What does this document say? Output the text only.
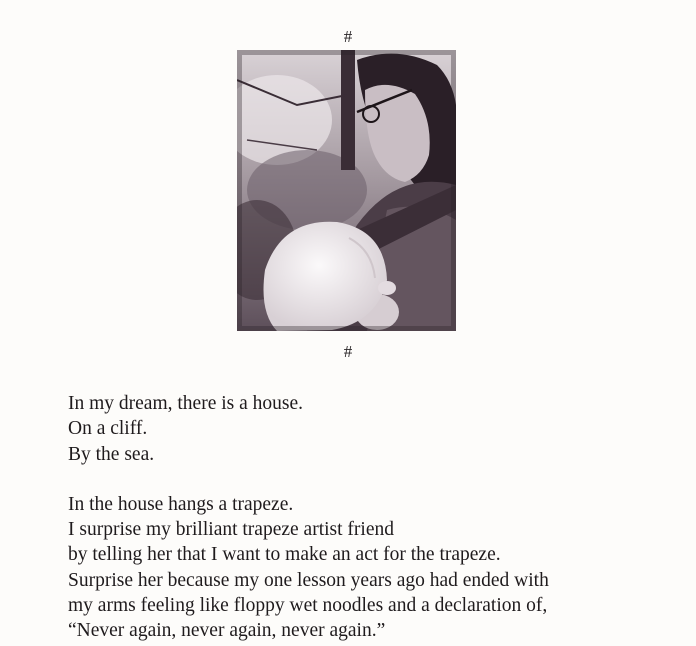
#
#

In my dream, there is a house.
On a cliff.
By the sea.

In the house hangs a trapeze.
I surprise my brilliant trapeze artist friend
by telling her that I want to make an act for the trapeze.
Surprise her because my one lesson years ago had ended with
my arms feeling like floppy wet noodles and a declaration of,
“Never again, never again, never again.”
